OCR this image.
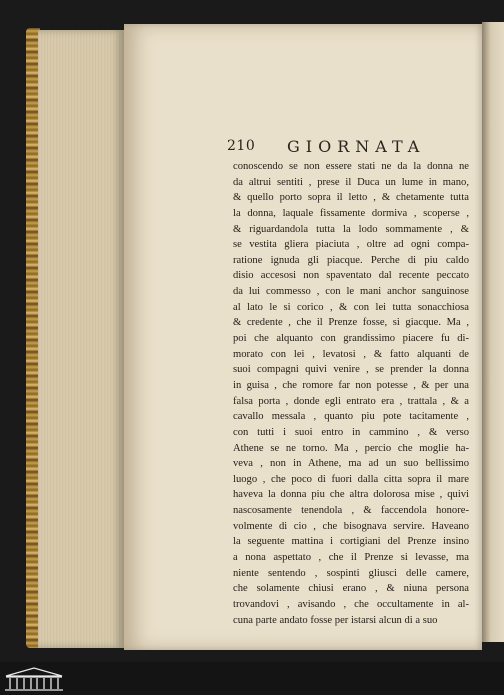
210 GIORNATA
conoscendo se non essere stati ne da la donna ne
da altrui sentiti , prese il Duca un lume in mano,
& quello porto sopra il letto , & chetamente tutta
la donna, laquale fissamente dormiva , scoperse ,
& riguardandola tutta la lodo sommamente , &
se vestita gliera piaciuta , oltre ad ogni compa-
ratione ignuda gli piacque. Perche di piu caldo
disio accesosi non spaventato dal recente peccato
da lui commesso , con le mani anchor sanguinose
al lato le si corico , & con lei tutta sonacchiosa
& credente , che il Prenze fosse, si giacque. Ma ,
poi che alquanto con grandissimo piacere fu di-
morato con lei , levatosi , & fatto alquanti de
suoi compagni quivi venire , se prender la donna
in guisa , che romore far non potesse , & per una
falsa porta , donde egli entrato era , trattala , & a
cavallo messala , quanto piu pote tacitamente ,
con tutti i suoi entro in cammino , & verso
Athene se ne torno. Ma , percio che moglie ha-
veva , non in Athene, ma ad un suo bellissimo
luogo , che poco di fuori dalla citta sopra il mare
haveva la donna piu che altra dolorosa mise , quivi
nascosamente tenendola , & faccendola honore-
volmente di cio , che bisognava servire. Haveano
la seguente mattina i cortigiani del Prenze insino
a nona aspettato , che il Prenze si levasse, ma
niente sentendo , sospinti gliusci delle camere,
che solamente chiusi erano , & niuna persona
trovandovi , avisando , che occultamente in al-
cuna parte andato fosse per istarsi alcun di a suo
